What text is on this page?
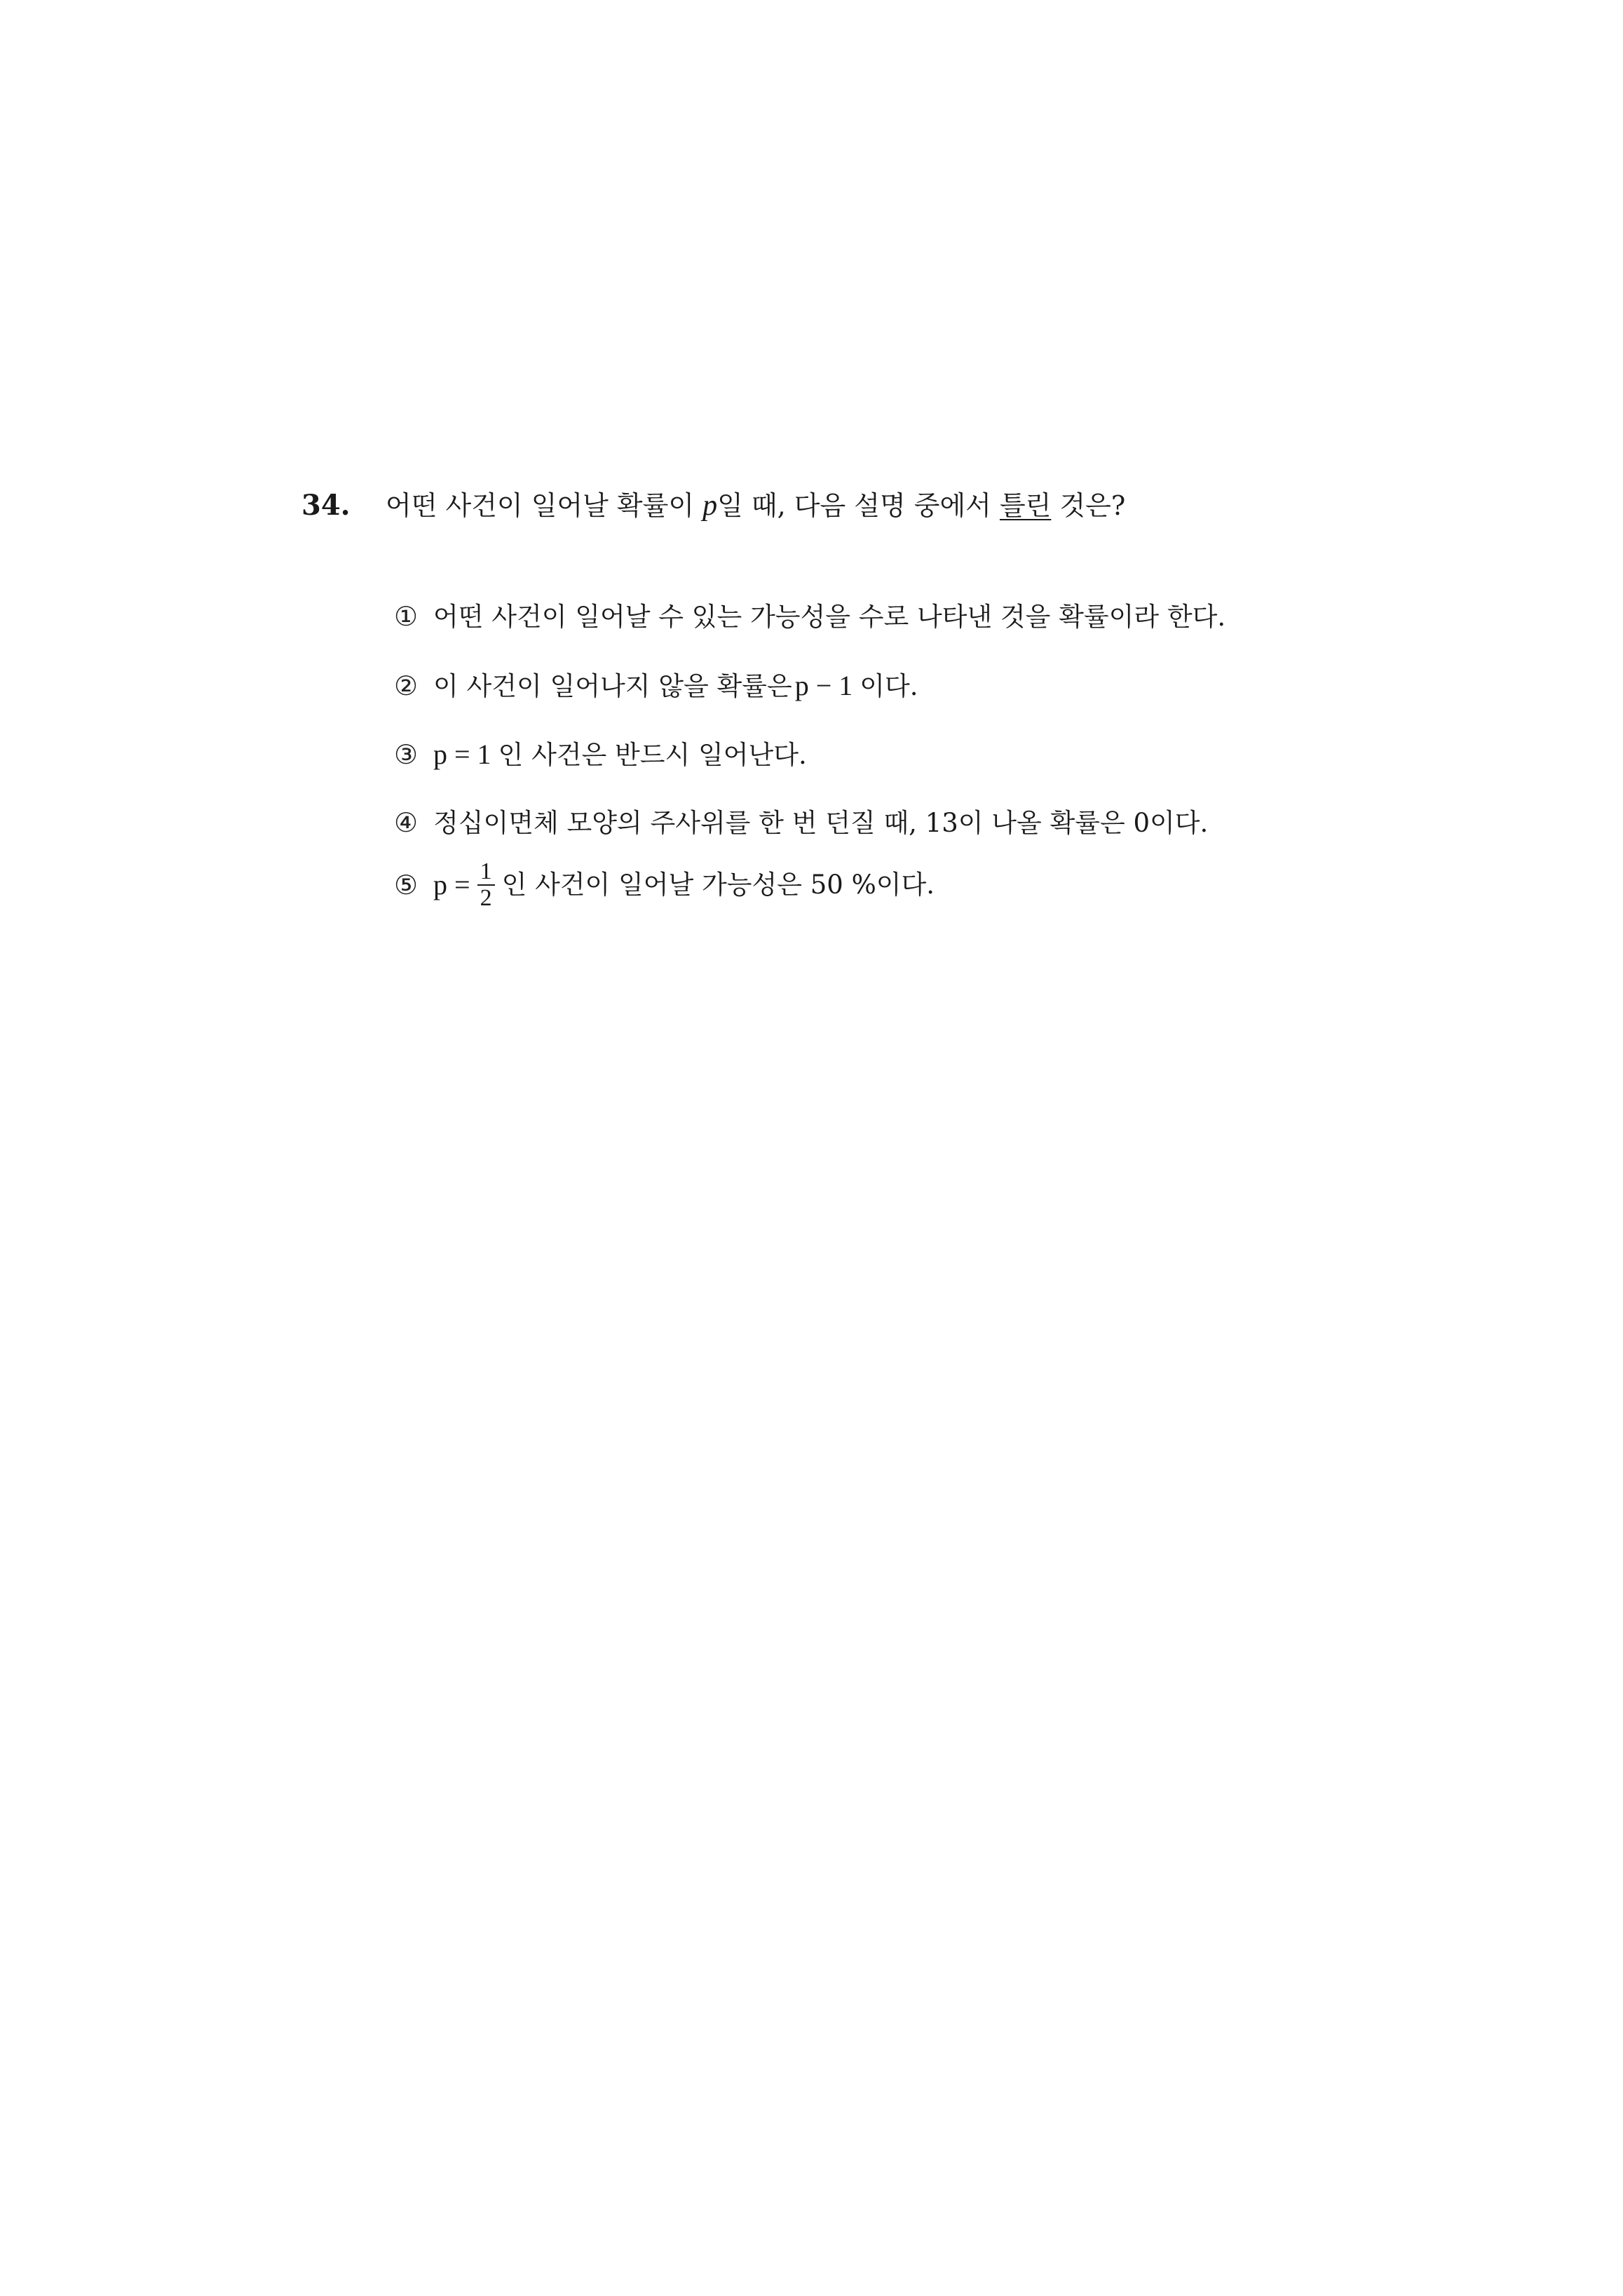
34.	어떤 사건이 일어날 확률이 p일 때, 다음 설명 중에서 틀린 것은?
① 어떤 사건이 일어날 수 있는 가능성을 수로 나타낸 것을 확률이라 한다.
② 이 사건이 일어나지 않을 확률은 p − 1 이다.
③ p = 1 인 사건은 반드시 일어난다.
④ 정십이면체 모양의 주사위를 한 번 던질 때, 13이 나올 확률은 0이다.
⑤ $p = \frac{1}{2}$ 인 사건이 일어날 가능성은 50 %이다.
